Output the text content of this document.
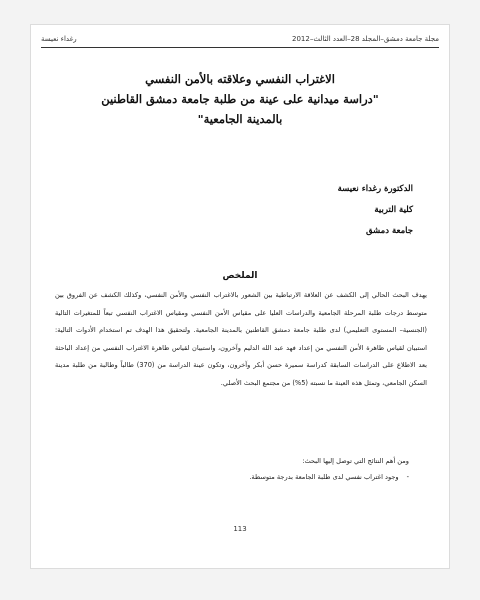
مجلة جامعة دمشق–المجلد 28–العدد الثالث–2012
رغداء نعيسة
الاغتراب النفسي وعلاقته بالأمن النفسي
"دراسة ميدانية على عينة من طلبة جامعة دمشق القاطنين
بالمدينة الجامعية"
الدكتورة رغداء نعيسة
كلية التربية
جامعة دمشق
الملخص

يهدف البحث الحالي إلى الكشف عن العلاقة الارتباطية بين الشعور بالاغتراب النفسي والأمن النفسي، وكذلك الكشف عن الفروق بين متوسط درجات طلبة المرحلة الجامعية والدراسات العليا على مقياس الأمن النفسي ومقياس الاغتراب النفسي تبعاً للمتغيرات التالية (الجنسية– المستوى التعليمي) لدى طلبة جامعة دمشق القاطنين بالمدينة الجامعية. ولتحقيق هذا الهدف تم استخدام الأدوات التالية: استبيان لقياس ظاهرة الأمن النفسي من إعداد فهد عبد الله الدليم وآخرون، واستبيان لقياس ظاهرة الاغتراب النفسي من إعداد الباحثة بعد الاطلاع على الدراسات السابقة كدراسة سميرة حسن أبكر وآخرون، وتكون عينة الدراسة من (370) طالباً وطالبة من طلبة مدينة السكن الجامعي، وتمثل هذه العينة ما نسبته (5%) من مجتمع البحث الأصلي.

ومن أهم النتائج التي توصل إليها البحث:
-وجود اغتراب نفسي لدى طلبة الجامعة بدرجة متوسطة.
113
